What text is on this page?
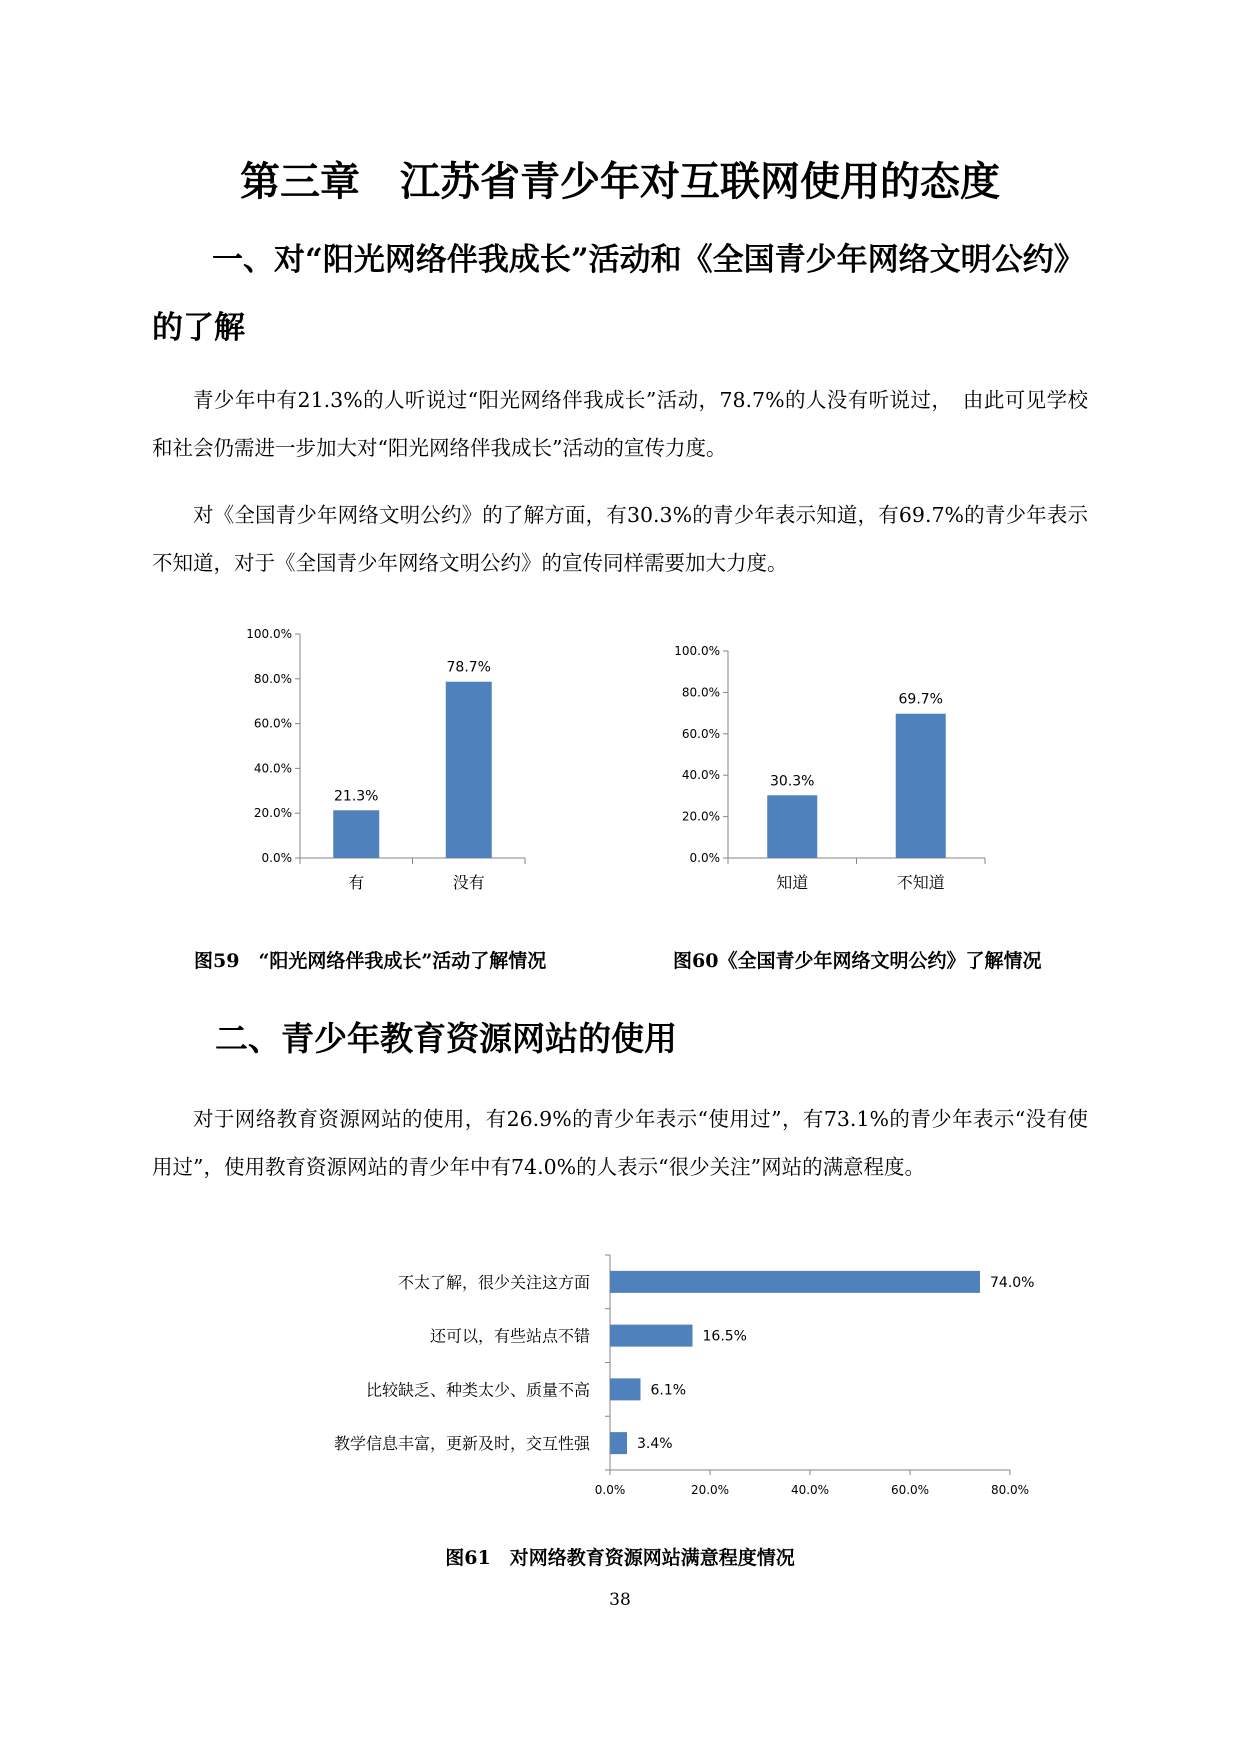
第三章　江苏省青少年对互联网使用的态度
一、对“阳光网络伴我成长”活动和《全国青少年网络文明公约》
的了解

青少年中有21.3%的人听说过“阳光网络伴我成长”活动，78.7%的人没有听说过，　由此可见学校和社会仍需进一步加大对“阳光网络伴我成长”活动的宣传力度。

对《全国青少年网络文明公约》的了解方面，有30.3%的青少年表示知道，有69.7%的青少年表示不知道，对于《全国青少年网络文明公约》的宣传同样需要加大力度。

0.0%
20.0%
40.0%
60.0%
80.0%
100.0%
21.3%
有
78.7%
没有
0.0%
20.0%
40.0%
60.0%
80.0%
100.0%
30.3%
知道
69.7%
不知道
图59　“阳光网络伴我成长”活动了解情况	图60《全国青少年网络文明公约》了解情况
二、青少年教育资源网站的使用

对于网络教育资源网站的使用，有26.9%的青少年表示“使用过”，有73.1%的青少年表示“没有使用过”，使用教育资源网站的青少年中有74.0%的人表示“很少关注”网站的满意程度。

0.0%	20.0%	40.0%	60.0%	80.0%
74.0%
不太了解，很少关注这方面
16.5%
还可以，有些站点不错
6.1%
比较缺乏、种类太少、质量不高
3.4%
教学信息丰富，更新及时，交互性强
图61　对网络教育资源网站满意程度情况
38
